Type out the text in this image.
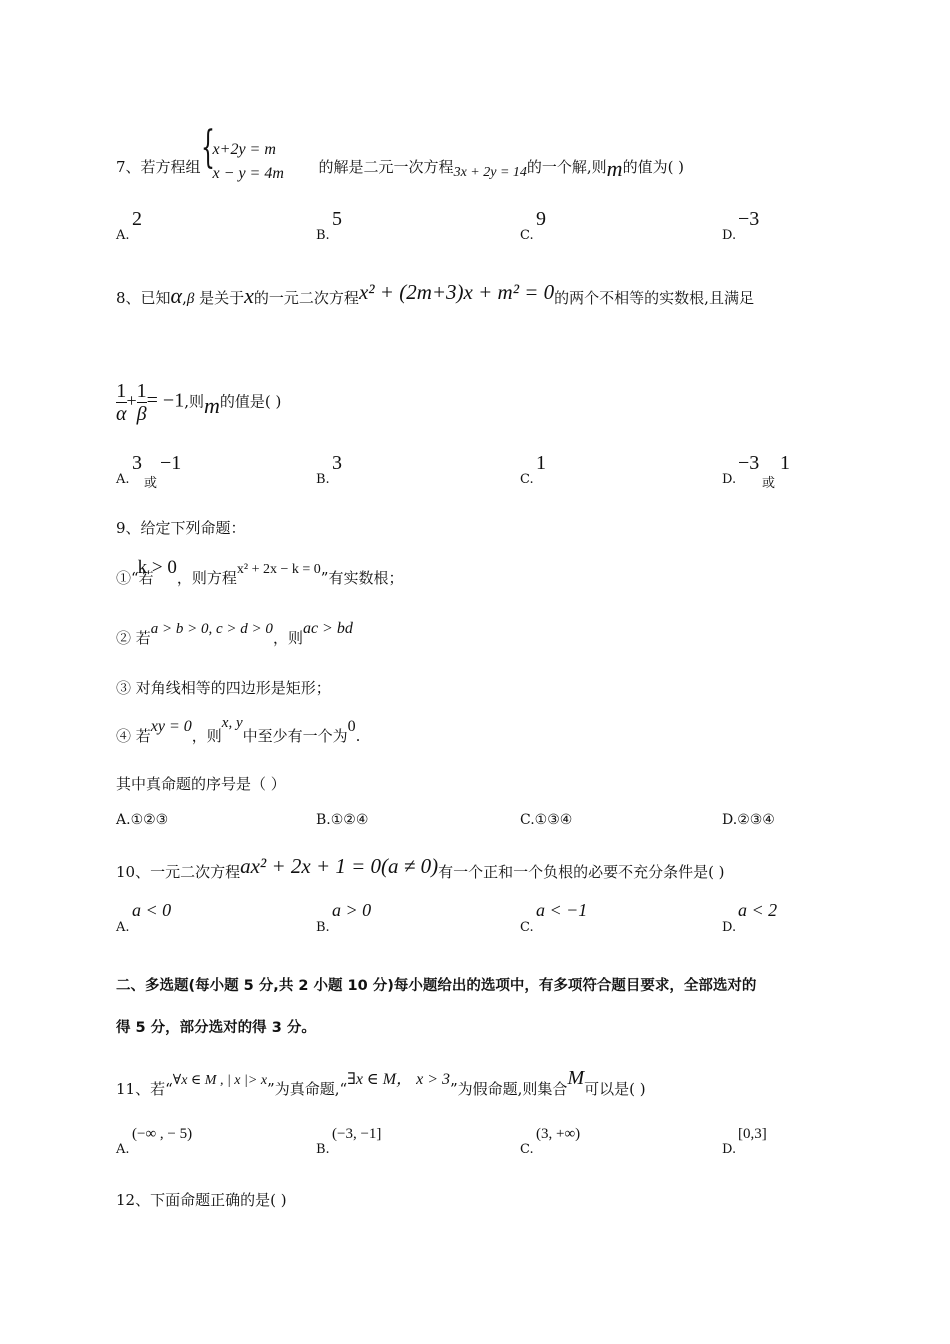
7、若方程组 {
x+2y = m
x − y = 4m 的解是二元一次方程3x + 2y = 14的一个解,则m的值为( )
A.
2
B.
5
C.
9
D.
−3
8、已知α,β 是关于x的一元二次方程x² + (2m+3)x + m² = 0的两个不相等的实数根,且满足
$\frac{1}{\alpha} + \frac{1}{\beta} = -1$,则m的值是( )
A.
3
或
−1
B.
3
C.
1
D.
−3
或
1
9、给定下列命题：
①“若k > 0，则方程x² + 2x − k = 0”有实数根；
② 若a > b > 0, c > d > 0，则ac > bd
③ 对角线相等的四边形是矩形；
④ 若xy = 0，则x, y中至少有一个为0.
其中真命题的序号是（ ）
A.①②③	B.①②④	C.①③④	D.②③④
10、一元二次方程ax² + 2x + 1 = 0(a ≠ 0)有一个正和一个负根的必要不充分条件是( )
A.
a < 0
B.
a > 0
C.
a < −1
D.
a < 2
二、多选题(每小题 5 分,共 2 小题 10 分)每小题给出的选项中，有多项符合题目要求，全部选对的
得 5 分，部分选对的得 3 分。
11、若“∀x ∈ M , | x |> x”为真命题,“∃x ∈ M， x > 3”为假命题,则集合M可以是( )
A.
(−∞ , − 5)
B.
(−3, −1]
C.
(3, +∞)
D.
[0,3]
12、下面命题正确的是( )
